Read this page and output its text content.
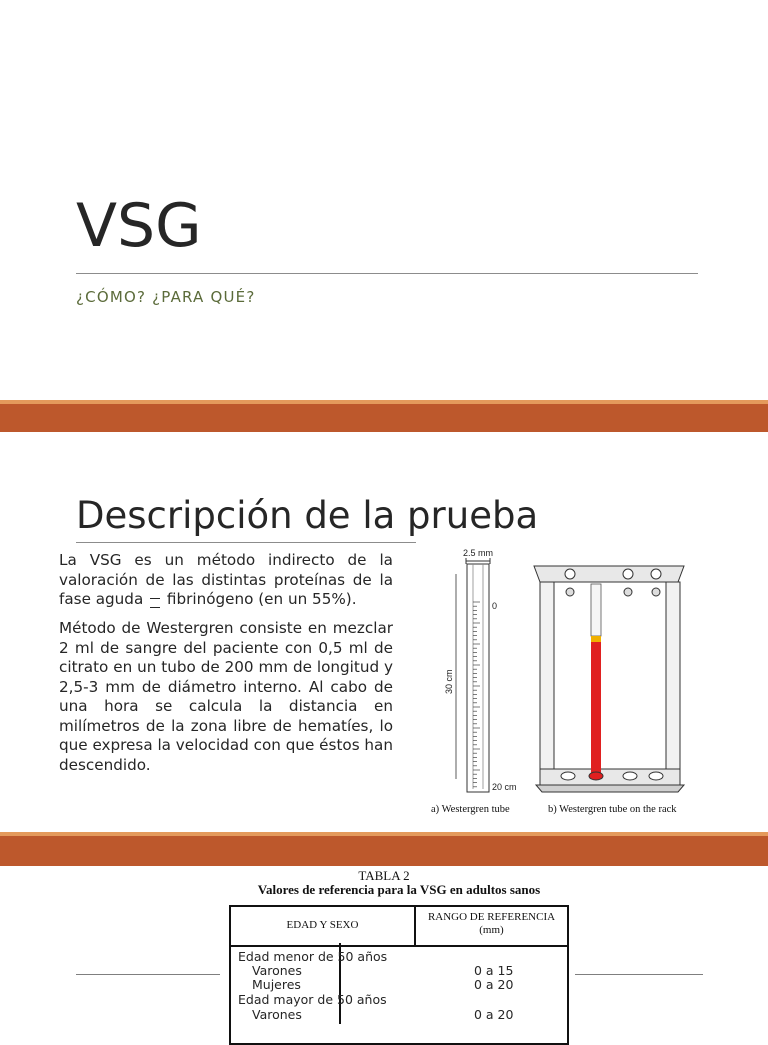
VSG
¿CÓMO? ¿PARA QUÉ?
Descripción de la prueba

La VSG es un método indirecto de la valoración de las distintas proteínas de la fase aguda  fibrinógeno (en un 55%).

Método de Westergren consiste en mezclar 2 ml de sangre del paciente con 0,5 ml de citrato en un tubo de 200 mm de longitud y 2,5-3 mm de diámetro interno. Al cabo de una hora se calcula la distancia en milímetros de la zona libre de hematíes, lo que expresa la velocidad con que éstos han descendido.

2.5 mm
0
30 cm
20 cm
a) Westergren tube	b) Westergren tube on the rack
TABLA 2
Valores de referencia para la VSG en adultos sanos
EDAD Y SEXO
RANGO DE REFERENCIA
(mm)
Edad menor de 50 años
Varones	0 a 15
Mujeres	0 a 20
Edad mayor de 50 años
Varones	0 a 20
